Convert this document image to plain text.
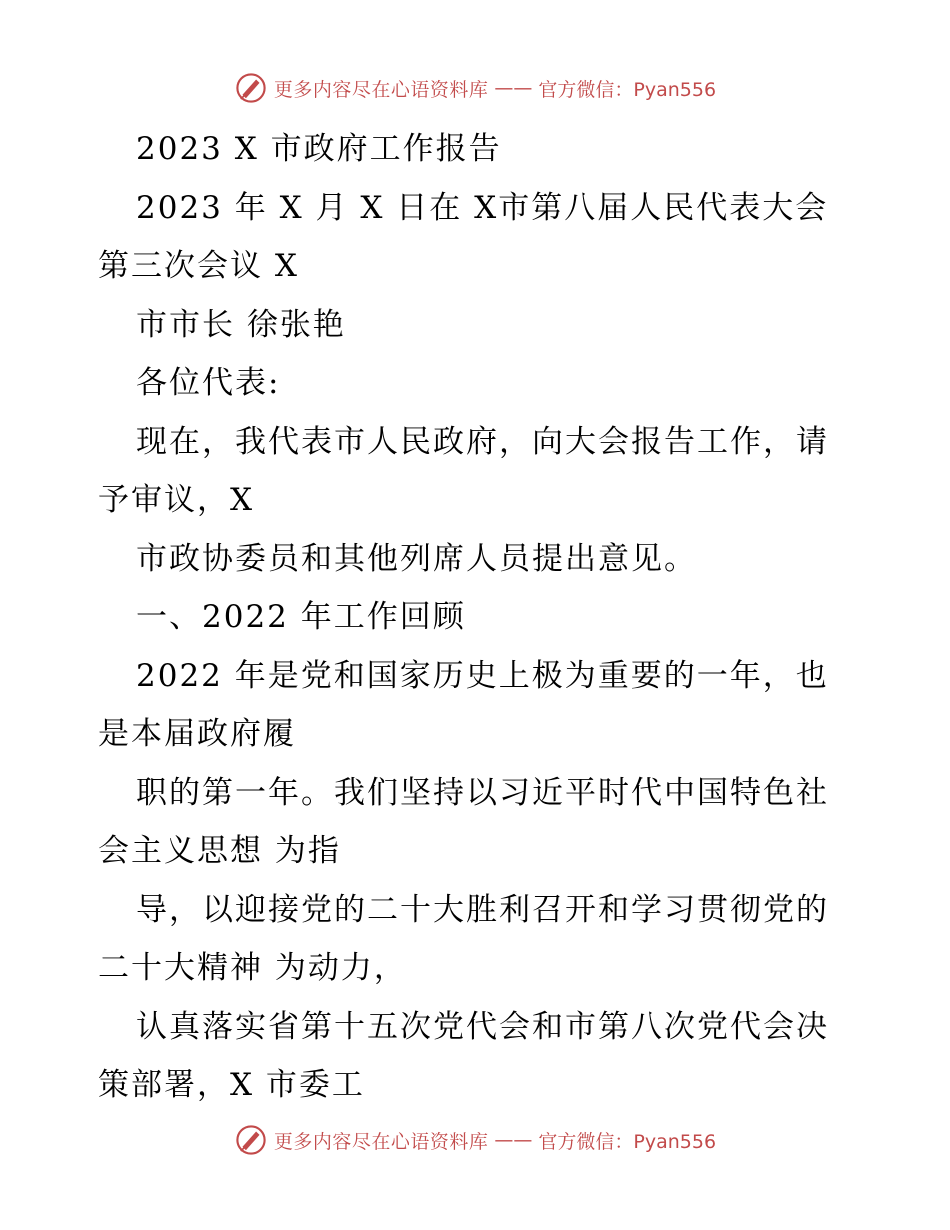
更多内容尽在心语资料库 —— 官方微信：Pyan556
2023 X 市政府工作报告
2023 年 X 月 X 日在 X市第八届人民代表大会
第三次会议 X
市市长 徐张艳
各位代表:
现在，我代表市人民政府，向大会报告工作，请
予审议，X
市政协委员和其他列席人员提出意见。
一、2022 年工作回顾
2022 年是党和国家历史上极为重要的一年，也
是本届政府履
职的第一年。我们坚持以习近平时代中国特色社
会主义思想 为指
导，以迎接党的二十大胜利召开和学习贯彻党的
二十大精神 为动力，
认真落实省第十五次党代会和市第八次党代会决
策部署，X 市委工
更多内容尽在心语资料库 —— 官方微信：Pyan556
